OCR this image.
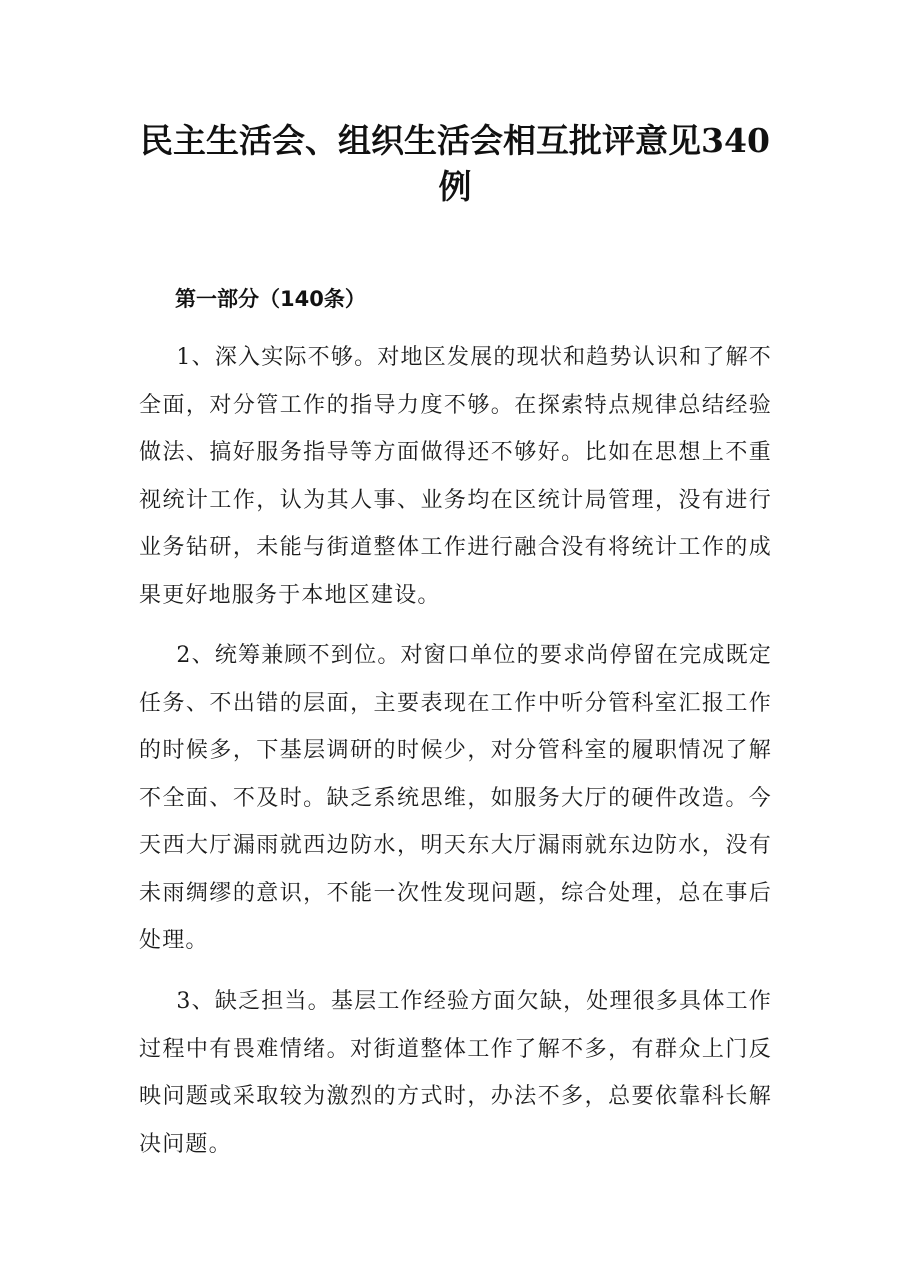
民主生活会、组织生活会相互批评意见340例
第一部分（140条）

1、深入实际不够。对地区发展的现状和趋势认识和了解不全面，对分管工作的指导力度不够。在探索特点规律总结经验做法、搞好服务指导等方面做得还不够好。比如在思想上不重视统计工作，认为其人事、业务均在区统计局管理，没有进行业务钻研，未能与街道整体工作进行融合没有将统计工作的成果更好地服务于本地区建设。

2、统筹兼顾不到位。对窗口单位的要求尚停留在完成既定任务、不出错的层面，主要表现在工作中听分管科室汇报工作的时候多，下基层调研的时候少，对分管科室的履职情况了解不全面、不及时。缺乏系统思维，如服务大厅的硬件改造。今天西大厅漏雨就西边防水，明天东大厅漏雨就东边防水，没有未雨绸缪的意识，不能一次性发现问题，综合处理，总在事后处理。

3、缺乏担当。基层工作经验方面欠缺，处理很多具体工作过程中有畏难情绪。对街道整体工作了解不多，有群众上门反映问题或采取较为激烈的方式时，办法不多，总要依靠科长解决问题。
